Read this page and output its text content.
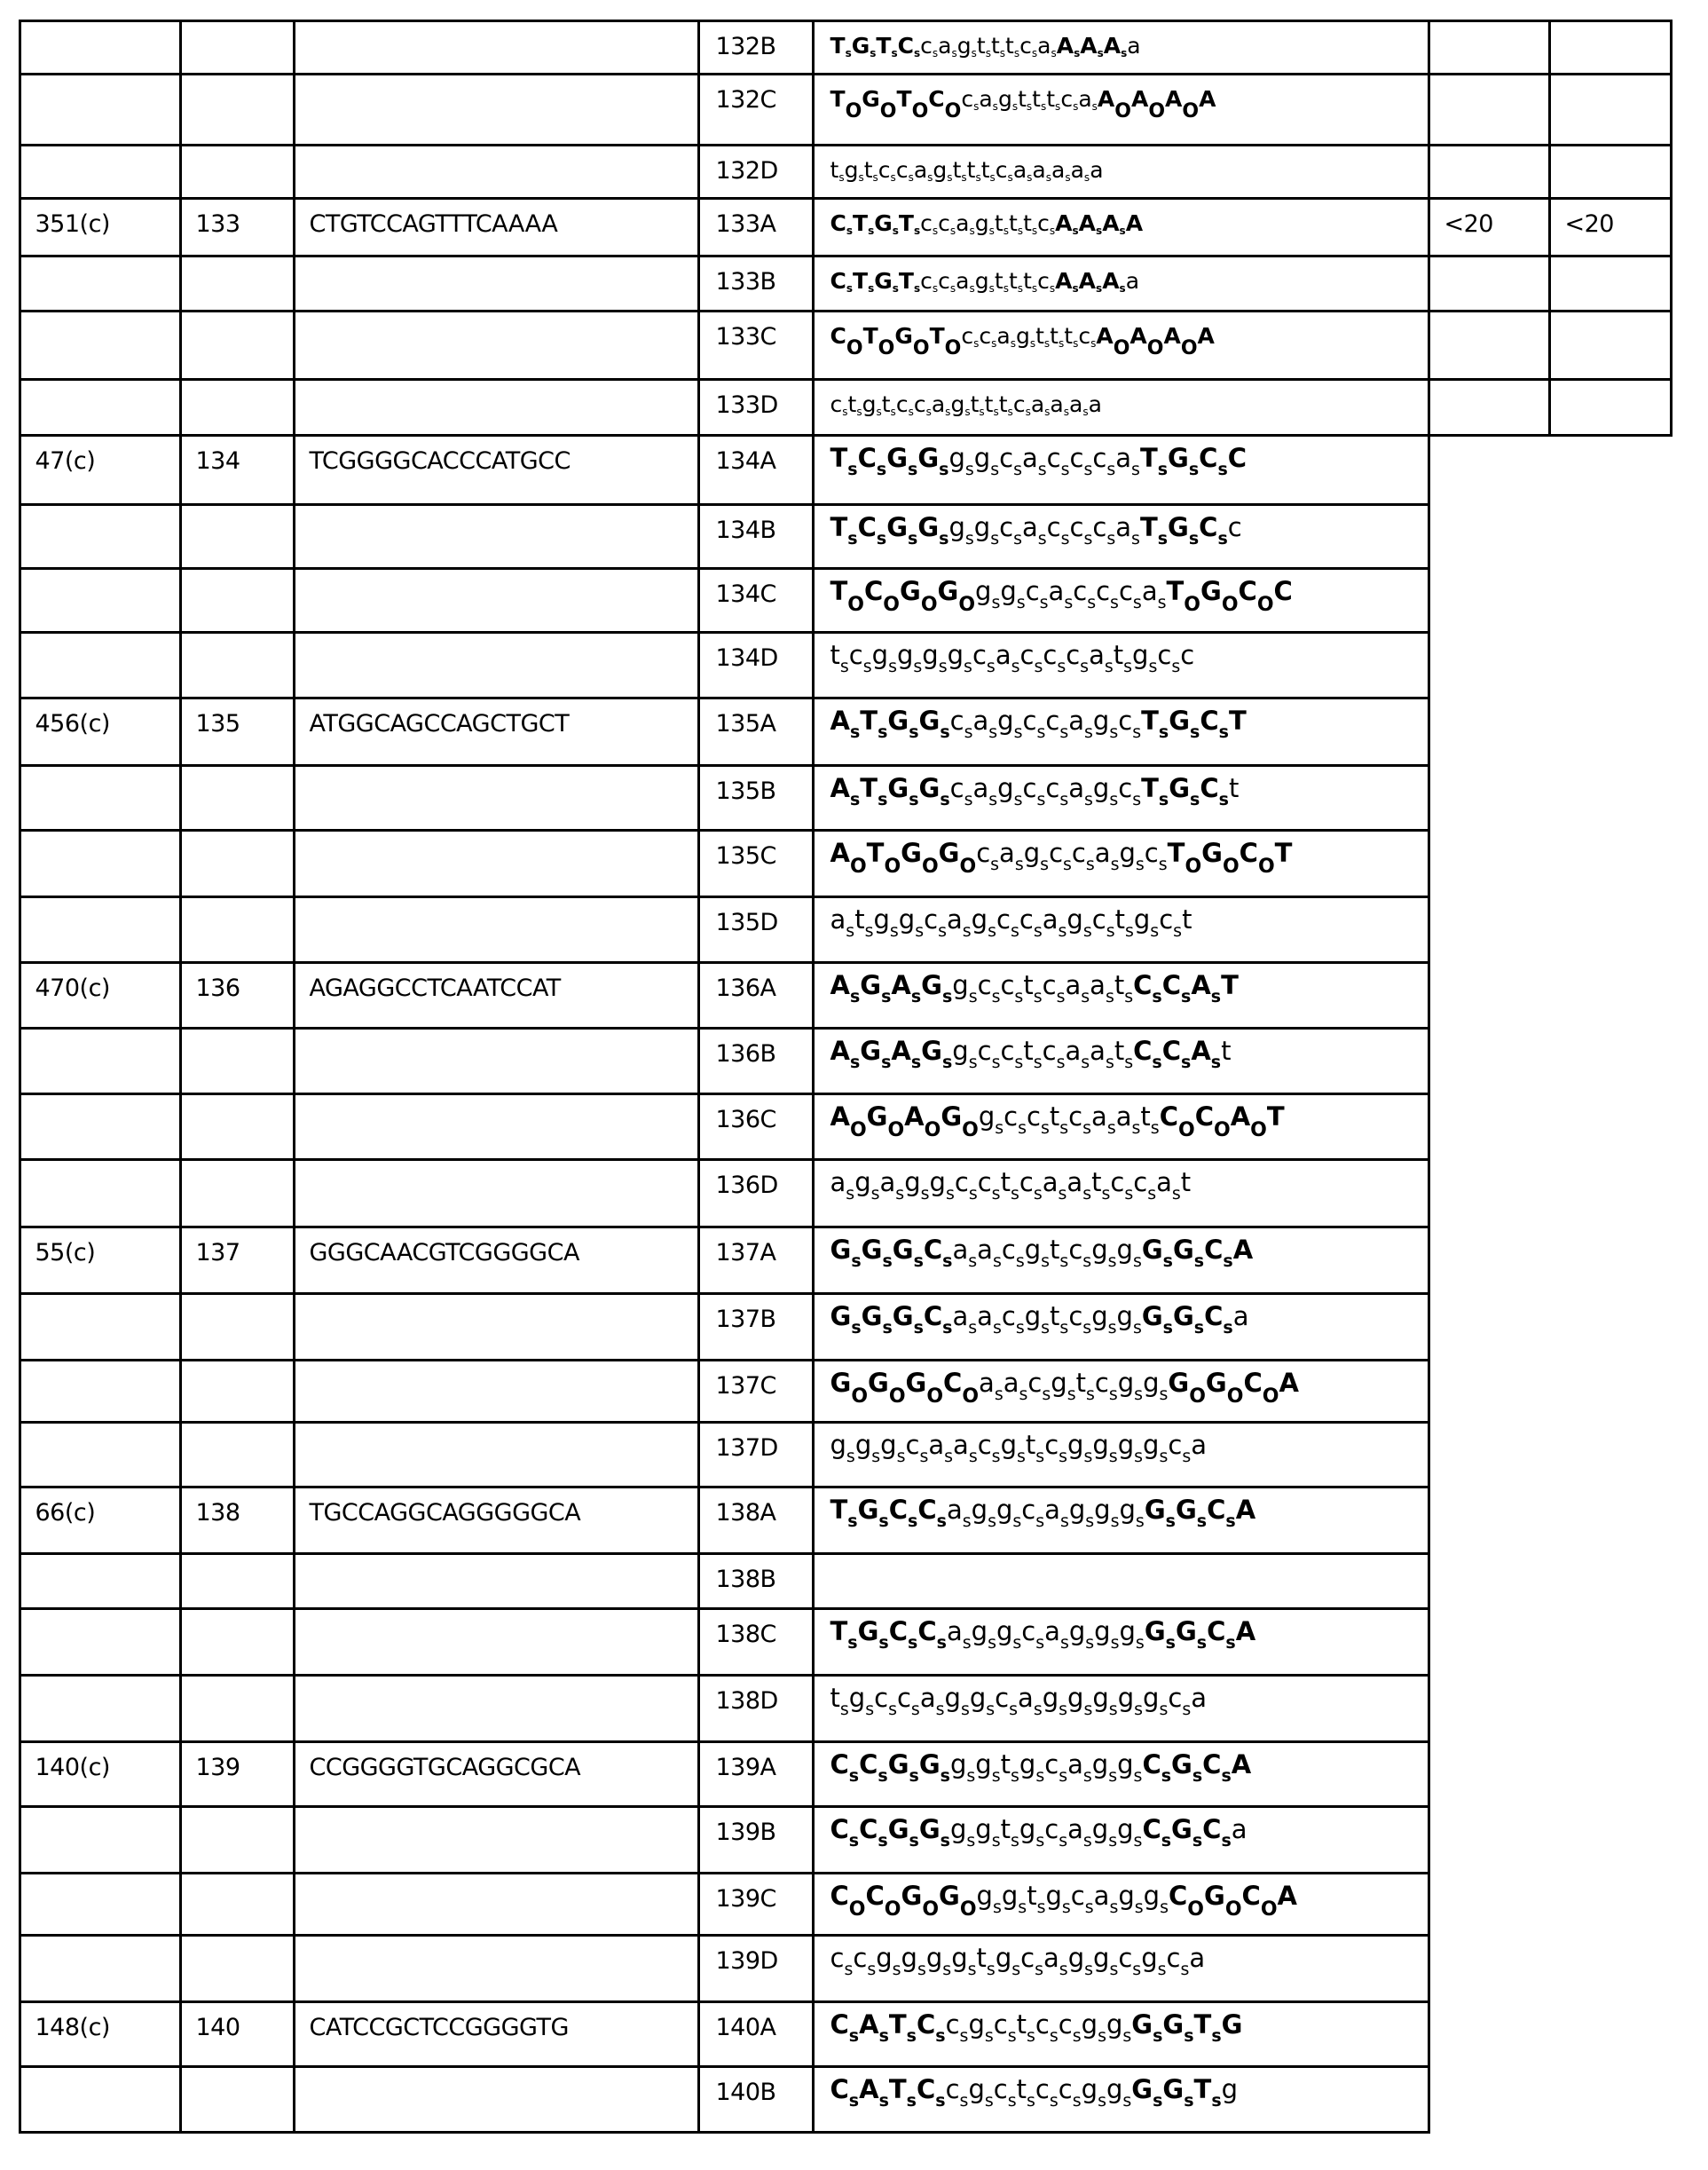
132B $T_sG_sT_sC_sc_sa_sg_st_st_st_sc_sa_sA_sA_sA_sa$
132C $T_OG_OT_OC_Oc_sa_sg_st_st_st_sc_sa_sA_OA_OA_OA$
132D $t_sg_st_sc_sc_sa_sg_st_st_st_sc_sa_sa_sa_sa_sa$
351(c)	133	CTGTCCAGTTTCAAAA	133A $C_sT_sG_sT_sc_sc_sa_sg_st_st_st_sc_sA_sA_sA_sA$	<20	<20
133B $C_sT_sG_sT_sc_sc_sa_sg_st_st_st_sc_sA_sA_sA_sa$
133C $C_OT_OG_OT_Oc_sc_sa_sg_st_st_st_sc_sA_OA_OA_OA$
133D $c_st_sg_st_sc_sc_sa_sg_st_st_st_sc_sa_sa_sa_sa$
47(c)	134	TCGGGGCACCCATGCC	134A $T_sC_sG_sG_sg_sg_sc_sa_sc_sc_sc_sa_sT_sG_sC_sC$
134B $T_sC_sG_sG_sg_sg_sc_sa_sc_sc_sc_sa_sT_sG_sC_sc$
134C $T_OC_OG_OG_Og_sg_sc_sa_sc_sc_sc_sa_sT_OG_OC_OC$
134D $t_sc_sg_sg_sg_sg_sc_sa_sc_sc_sc_sa_st_sg_sc_sc$
456(c)	135	ATGGCAGCCAGCTGCT	135A $A_sT_sG_sG_sc_sa_sg_sc_sc_sa_sg_sc_sT_sG_sC_sT$
135B $A_sT_sG_sG_sc_sa_sg_sc_sc_sa_sg_sc_sT_sG_sC_st$
135C $A_OT_OG_OG_Oc_sa_sg_sc_sc_sa_sg_sc_sT_OG_OC_OT$
135D $a_st_sg_sg_sc_sa_sg_sc_sc_sa_sg_sc_st_sg_sc_st$
470(c)	136	AGAGGCCTCAATCCAT	136A $A_sG_sA_sG_sg_sc_sc_st_sc_sa_sa_st_sC_sC_sA_sT$
136B $A_sG_sA_sG_sg_sc_sc_st_sc_sa_sa_st_sC_sC_sA_st$
136C $A_OG_OA_OG_Og_sc_sc_st_sc_sa_sa_st_sC_OC_OA_OT$
136D $a_sg_sa_sg_sg_sc_sc_st_sc_sa_sa_st_sc_sc_sa_st$
55(c)	137	GGGCAACGTCGGGGCA	137A $G_sG_sG_sC_sa_sa_sc_sg_st_sc_sg_sg_sG_sG_sC_sA$
137B $G_sG_sG_sC_sa_sa_sc_sg_st_sc_sg_sg_sG_sG_sC_sa$
137C $G_OG_OG_OC_Oa_sa_sc_sg_st_sc_sg_sg_sG_OG_OC_OA$
137D $g_sg_sg_sc_sa_sa_sc_sg_st_sc_sg_sg_sg_sg_sc_sa$
66(c)	138	TGCCAGGCAGGGGGCA	138A $T_sG_sC_sC_sa_sg_sg_sc_sa_sg_sg_sg_sG_sG_sC_sA$
138B
138C $T_sG_sC_sC_sa_sg_sg_sc_sa_sg_sg_sg_sG_sG_sC_sA$
138D $t_sg_sc_sc_sa_sg_sg_sc_sa_sg_sg_sg_sg_sg_sc_sa$
140(c)	139	CCGGGGTGCAGGCGCA	139A $C_sC_sG_sG_sg_sg_st_sg_sc_sa_sg_sg_sC_sG_sC_sA$
139B $C_sC_sG_sG_sg_sg_st_sg_sc_sa_sg_sg_sC_sG_sC_sa$
139C $C_OC_OG_OG_Og_sg_st_sg_sc_sa_sg_sg_sC_OG_OC_OA$
139D $c_sc_sg_sg_sg_sg_st_sg_sc_sa_sg_sg_sc_sg_sc_sa$
148(c)	140	CATCCGCTCCGGGGTG	140A $C_sA_sT_sC_sc_sg_sc_st_sc_sc_sg_sg_sG_sG_sT_sG$
140B $C_sA_sT_sC_sc_sg_sc_st_sc_sc_sg_sg_sG_sG_sT_sg$
